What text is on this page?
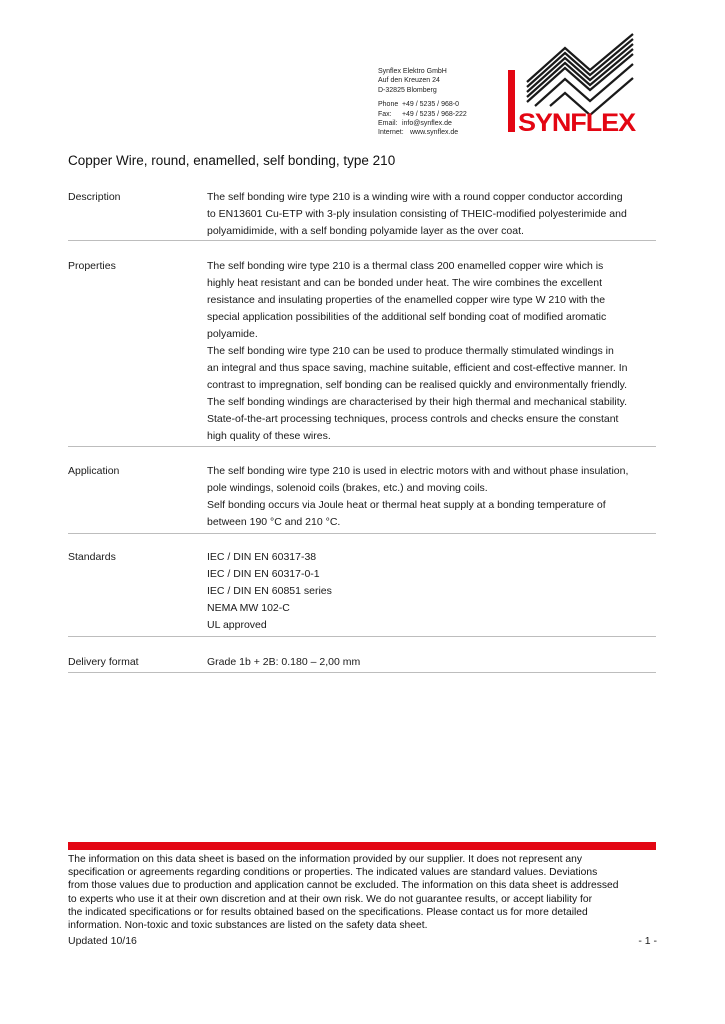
Synflex Elektro GmbH
Auf den Kreuzen 24
D-32825 Blomberg
Phone +49 / 5235 / 968-0
Fax: +49 / 5235 / 968-222
Email: info@synflex.de
Internet: www.synflex.de	SYNFLEX
Copper Wire, round, enamelled, self bonding, type 210
Description	The self bonding wire type 210 is a winding wire with a round copper conductor according

to EN13601 Cu-ETP with 3-ply insulation consisting of THEIC-modified polyesterimide and

polyamidimide, with a self bonding polyamide layer as the over coat.

Properties	The self bonding wire type 210 is a thermal class 200 enamelled copper wire which is

highly heat resistant and can be bonded under heat. The wire combines the excellent

resistance and insulating properties of the enamelled copper wire type W 210 with the

special application possibilities of the additional self bonding coat of modified aromatic

polyamide.

The self bonding wire type 210 can be used to produce thermally stimulated windings in

an integral and thus space saving, machine suitable, efficient and cost-effective manner. In

contrast to impregnation, self bonding can be realised quickly and environmentally friendly.

The self bonding windings are characterised by their high thermal and mechanical stability.

State-of-the-art processing techniques, process controls and checks ensure the constant

high quality of these wires.

Application	The self bonding wire type 210 is used in electric motors with and without phase insulation,

pole windings, solenoid coils (brakes, etc.) and moving coils.

Self bonding occurs via Joule heat or thermal heat supply at a bonding temperature of

between 190 °C and 210 °C.

Standards	IEC / DIN EN 60317-38

IEC / DIN EN 60317-0-1

IEC / DIN EN 60851 series

NEMA MW 102-C

UL approved

Delivery format	Grade 1b + 2B: 0.180 – 2,00 mm

The information on this data sheet is based on the information provided by our supplier. It does not represent any
specification or agreements regarding conditions or properties. The indicated values are standard values. Deviations
from those values due to production and application cannot be excluded. The information on this data sheet is addressed
to experts who use it at their own discretion and at their own risk. We do not guarantee results, or accept liability for
the indicated specifications or for results obtained based on the specifications. Please contact us for more detailed
information. Non-toxic and toxic substances are listed on the safety data sheet.
Updated 10/16	- 1 -
